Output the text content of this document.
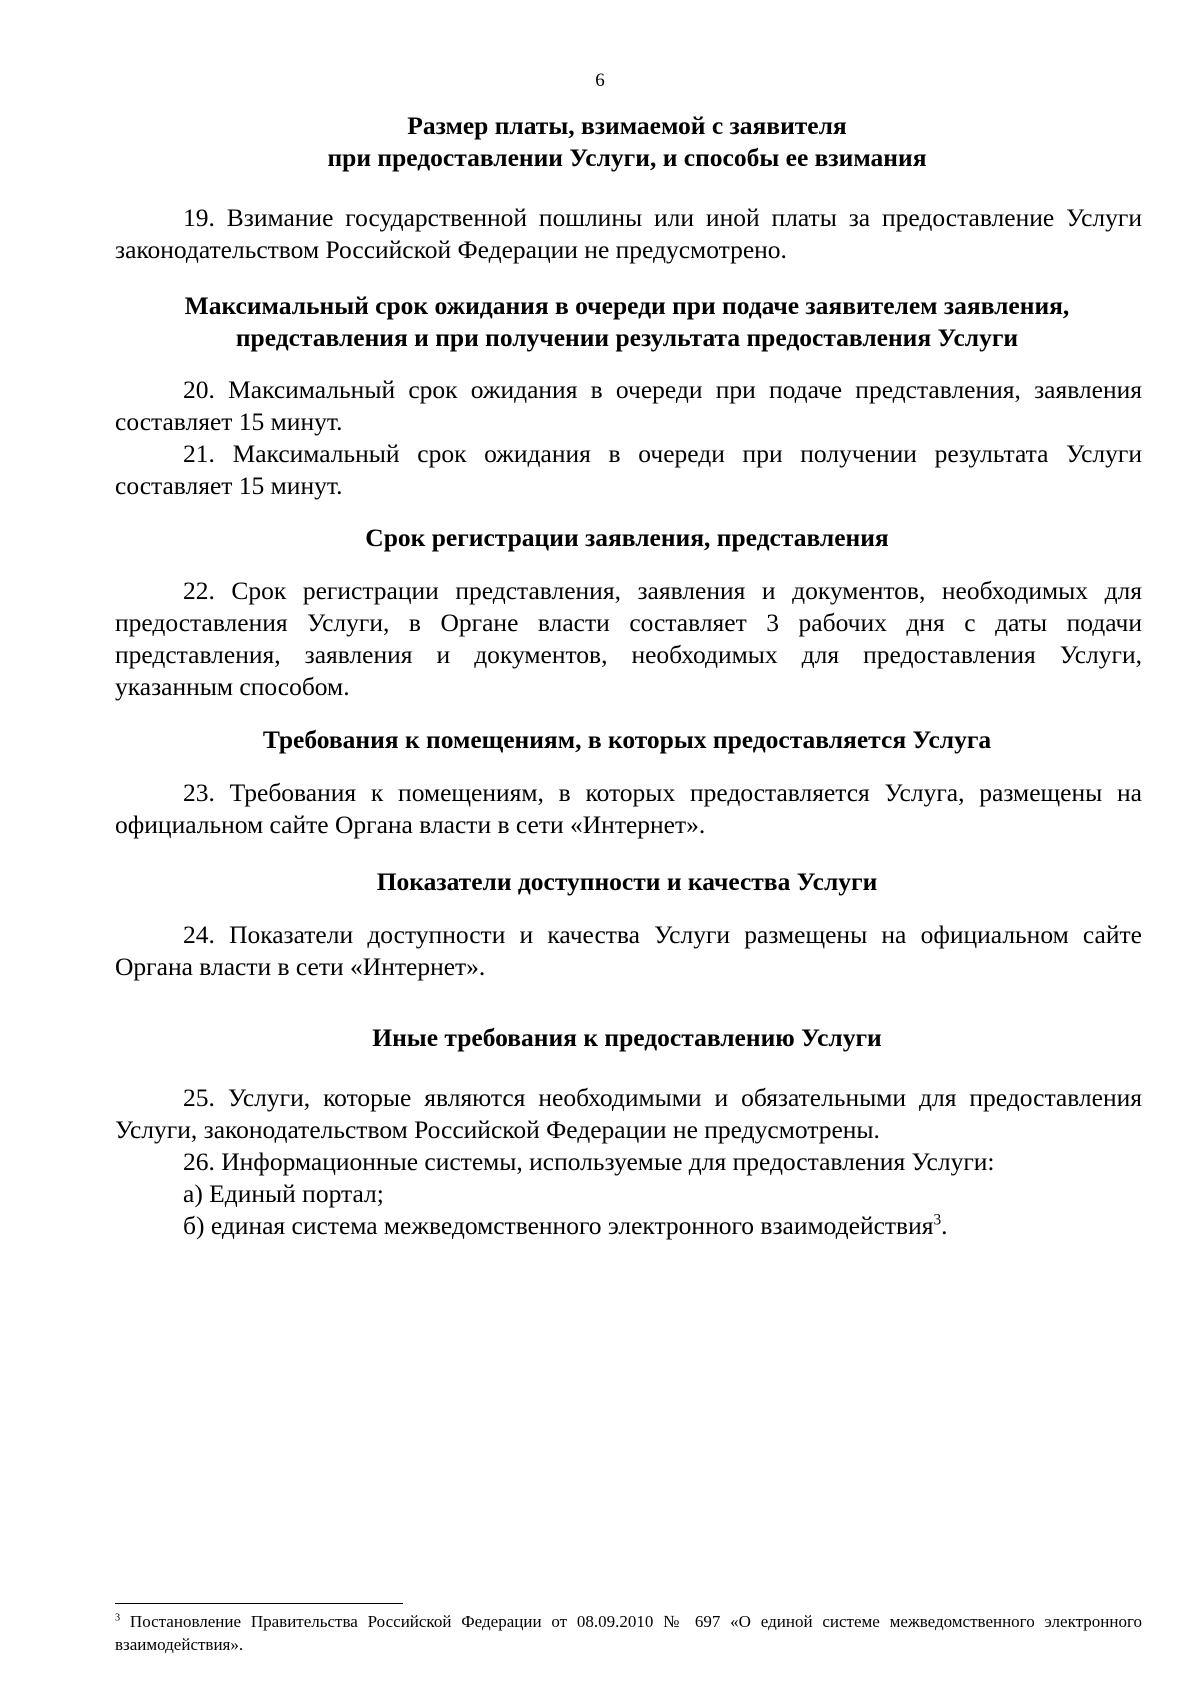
6
Размер платы, взимаемой с заявителя
при предоставлении Услуги, и способы ее взимания

19. Взимание государственной пошлины или иной платы за предоставление Услуги законодательством Российской Федерации не предусмотрено.

Максимальный срок ожидания в очереди при подаче заявителем заявления,
представления и при получении результата предоставления Услуги

20. Максимальный срок ожидания в очереди при подаче представления, заявления составляет 15 минут.

21. Максимальный срок ожидания в очереди при получении результата Услуги составляет 15 минут.

Срок регистрации заявления, представления

22. Срок регистрации представления, заявления и документов, необходимых для предоставления Услуги, в Органе власти составляет 3 рабочих дня с даты подачи представления, заявления и документов, необходимых для предоставления Услуги, указанным способом.

Требования к помещениям, в которых предоставляется Услуга

23. Требования к помещениям, в которых предоставляется Услуга, размещены на официальном сайте Органа власти в сети «Интернет».

Показатели доступности и качества Услуги

24. Показатели доступности и качества Услуги размещены на официальном сайте Органа власти в сети «Интернет».

Иные требования к предоставлению Услуги

25. Услуги, которые являются необходимыми и обязательными для предоставления Услуги, законодательством Российской Федерации не предусмотрены.

26. Информационные системы, используемые для предоставления Услуги:

а) Единый портал;

б) единая система межведомственного электронного взаимодействия$^3$.

$^3$ Постановление Правительства Российской Федерации от 08.09.2010 № 697 «О единой системе межведомственного электронного взаимодействия».
